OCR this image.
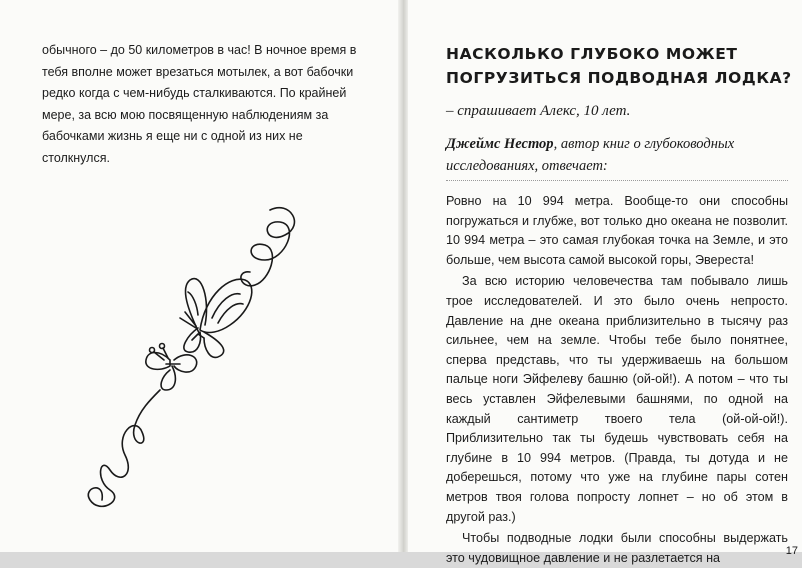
обычного – до 50 километров в час! В ночное время в тебя вполне может врезаться мотылек, а вот бабочки редко когда с чем-нибудь сталкиваются. По крайней мере, за всю мою посвященную наблюдениям за бабочками жизнь я еще ни с одной из них не столкнулся.

НАСКОЛЬКО ГЛУБОКО МОЖЕТ ПОГРУЗИТЬСЯ ПОДВОДНАЯ ЛОДКА?

– спрашивает Алекс, 10 лет.

Джеймс Нестор, автор книг о глубоководных исследованиях, отвечает:

Ровно на 10 994 метра. Вообще-то они способны погружаться и глубже, вот только дно океана не позволит. 10 994 метра – это самая глубокая точка на Земле, и это больше, чем высота самой высокой горы, Эвереста!

За всю историю человечества там побывало лишь трое исследователей. И это было очень непросто. Давление на дне океана приблизительно в тысячу раз сильнее, чем на земле. Чтобы тебе было понятнее, сперва представь, что ты удерживаешь на большом пальце ноги Эйфелеву башню (ой-ой!). А потом – что ты весь уставлен Эйфелевыми башнями, по одной на каждый сантиметр твоего тела (ой-ой-ой!). Приблизительно так ты будешь чувствовать себя на глубине в 10 994 метров. (Правда, ты дотуда и не доберешься, потому что уже на глубине пары сотен метров твоя голова попросту лопнет – но об этом в другой раз.)

Чтобы подводные лодки были способны выдержать это чудовищное давление и не разлетается на	17
